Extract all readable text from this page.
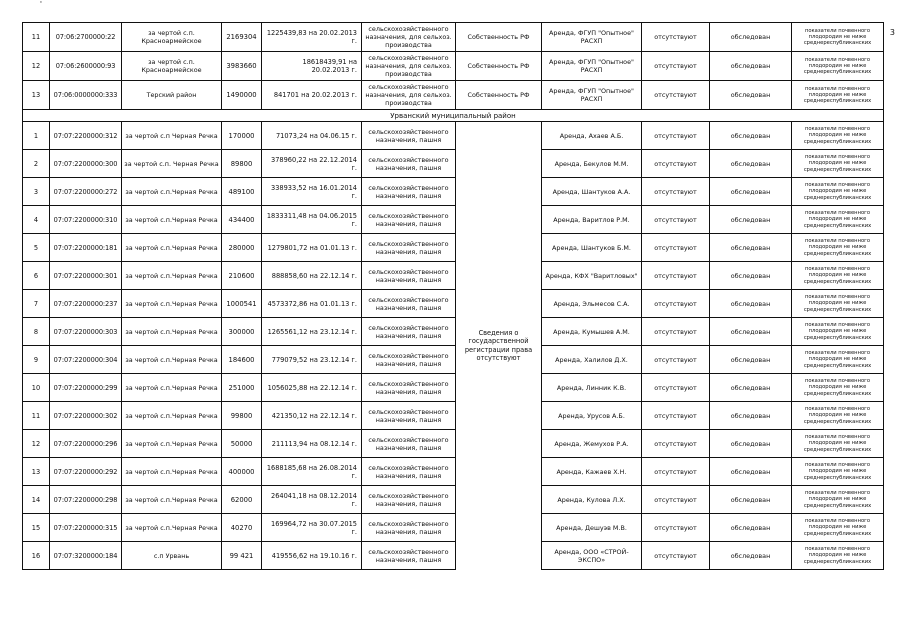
'
3
11	07:06:2700000:22	за чертой с.п. Красноармейское	2169304	1225439,83 на 20.02.2013 г.	сельскохозяйственного назначения, для сельхоз. производства	Собственность РФ	Аренда, ФГУП "Опытное" РАСХП	отсутствуют	обследован	показатели почвенного плодородия не ниже среднереспубликанских
12	07:06:2600000:93	за чертой с.п. Красноармейское	3983660	18618439,91 на 20.02.2013 г.	сельскохозяйственного назначения, для сельхоз. производства	Собственность РФ	Аренда, ФГУП "Опытное" РАСХП	отсутствуют	обследован	показатели почвенного плодородия не ниже среднереспубликанских
13	07:06:0000000:333	Терский район	1490000	841701 на 20.02.2013 г.	сельскохозяйственного назначения, для сельхоз. производства	Собственность РФ	Аренда, ФГУП "Опытное" РАСХП	отсутствуют	обследован	показатели почвенного плодородия не ниже среднереспубликанских
Урванский муниципальный район										
1	07:07:2200000:312	за чертой с.п Черная Речка	170000	71073,24 на 04.06.15 г.	сельскохозяйственного назначения, пашня	Сведения о государственной регистрации права отсутствуют	Аренда, Ахаев А.Б.	отсутствуют	обследован	показатели почвенного плодородия не ниже среднереспубликанских
2	07:07:2200000:300	за чертой с.п. Черная Речка	89800	378960,22 на 22.12.2014 г.	сельскохозяйственного назначения, пашня		Аренда, Бекулов М.М.	отсутствуют	обследован	показатели почвенного плодородия не ниже среднереспубликанских
3	07:07:2200000:272	за чертой с.п.Черная Речка	489100	338933,52 на 16.01.2014 г.	сельскохозяйственного назначения, пашня		Аренда, Шантуков А.А.	отсутствуют	обследован	показатели почвенного плодородия не ниже среднереспубликанских
4	07:07:2200000:310	за чертой с.п.Черная Речка	434400	1833311,48 на 04.06.2015 г.	сельскохозяйственного назначения, пашня		Аренда, Варитлов Р.М.	отсутствуют	обследован	показатели почвенного плодородия не ниже среднереспубликанских
5	07:07:2200000:181	за чертой с.п.Черная Речка	280000	1279801,72 на 01.01.13 г.	сельскохозяйственного назначения, пашня		Аренда, Шантуков Б.М.	отсутствуют	обследован	показатели почвенного плодородия не ниже среднереспубликанских
6	07:07:2200000:301	за чертой с.п.Черная Речка	210600	888858,60 на 22.12.14 г.	сельскохозяйственного назначения, пашня		Аренда, КФХ "Варитловых"	отсутствуют	обследован	показатели почвенного плодородия не ниже среднереспубликанских
7	07:07:2200000:237	за чертой с.п.Черная Речка	1000541	4573372,86 на 01.01.13 г.	сельскохозяйственного назначения, пашня		Аренда, Эльмесов С.А.	отсутствуют	обследован	показатели почвенного плодородия не ниже среднереспубликанских
8	07:07:2200000:303	за чертой с.п.Черная Речка	300000	1265561,12 на 23.12.14 г.	сельскохозяйственного назначения, пашня		Аренда, Кумышев А.М.	отсутствуют	обследован	показатели почвенного плодородия не ниже среднереспубликанских
9	07:07:2200000:304	за чертой с.п.Черная Речка	184600	779079,52 на 23.12.14 г.	сельскохозяйственного назначения, пашня		Аренда, Халилов Д.Х.	отсутствуют	обследован	показатели почвенного плодородия не ниже среднереспубликанских
10	07:07:2200000:299	за чертой с.п.Черная Речка	251000	1056025,88 на 22.12.14 г.	сельскохозяйственного назначения, пашня		Аренда, Линник К.В.	отсутствуют	обследован	показатели почвенного плодородия не ниже среднереспубликанских
11	07:07:2200000:302	за чертой с.п.Черная Речка	99800	421350,12 на 22.12.14 г.	сельскохозяйственного назначения, пашня		Аренда, Урусов А.Б.	отсутствуют	обследован	показатели почвенного плодородия не ниже среднереспубликанских
12	07:07:2200000:296	за чертой с.п.Черная Речка	50000	211113,94 на 08.12.14 г.	сельскохозяйственного назначения, пашня		Аренда, Жемухов Р.А.	отсутствуют	обследован	показатели почвенного плодородия не ниже среднереспубликанских
13	07:07:2200000:292	за чертой с.п.Черная Речка	400000	1688185,68 на 26.08.2014 г.	сельскохозяйственного назначения, пашня		Аренда, Кажаев Х.Н.	отсутствуют	обследован	показатели почвенного плодородия не ниже среднереспубликанских
14	07:07:2200000:298	за чертой с.п.Черная Речка	62000	264041,18 на 08.12.2014 г.	сельскохозяйственного назначения, пашня		Аренда, Кулова Л.Х.	отсутствуют	обследован	показатели почвенного плодородия не ниже среднереспубликанских
15	07:07:2200000:315	за чертой с.п.Черная Речка	40270	169964,72 на 30.07.2015 г.	сельскохозяйственного назначения, пашня		Аренда, Дешуэв М.В.	отсутствуют	обследован	показатели почвенного плодородия не ниже среднереспубликанских
16	07:07:3200000:184	с.п Урвань	99 421	419556,62 на 19.10.16 г.	сельскохозяйственного назначения, пашня		Аренда, ООО «СТРОЙ-ЭКСПО»	отсутствуют	обследован	показатели почвенного плодородия не ниже среднереспубликанских
